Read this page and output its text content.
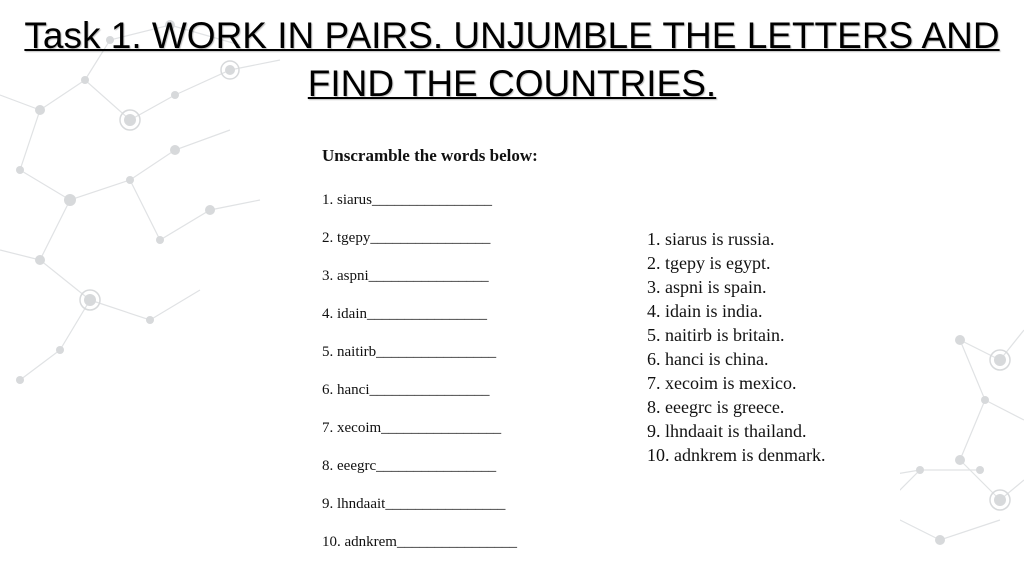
Task 1. WORK IN PAIRS. UNJUMBLE THE LETTERS AND
FIND THE COUNTRIES.
Unscramble the words below:
1. siarus________________
2. tgepy________________
3. aspni________________
4. idain________________
5. naitirb________________
6. hanci________________
7. xecoim________________
8. eeegrc________________
9. lhndaait________________
10. adnkrem________________
1. siarus is russia.
2. tgepy is egypt.
3. aspni is spain.
4. idain is india.
5. naitirb is britain.
6. hanci is china.
7. xecoim is mexico.
8. eeegrc is greece.
9. lhndaait is thailand.
10. adnkrem is denmark.
